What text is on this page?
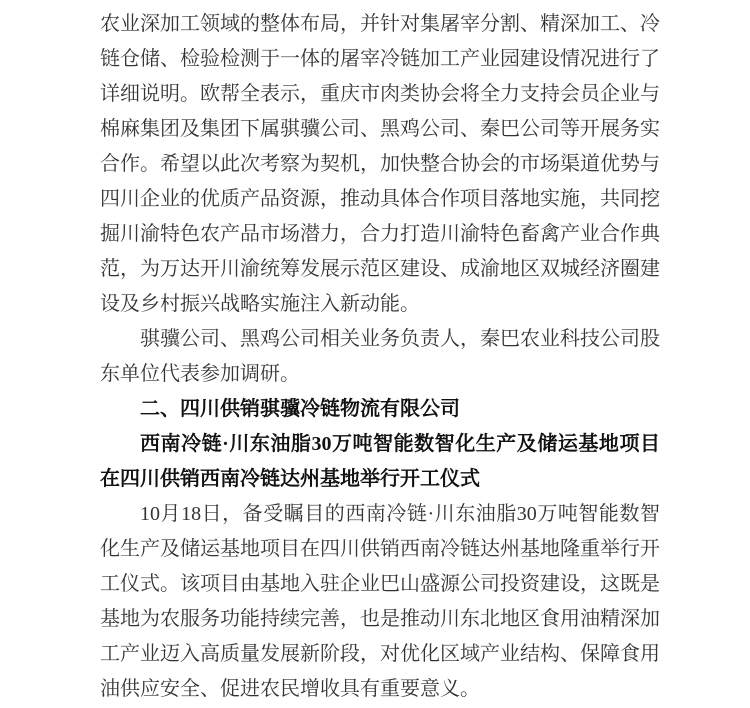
农业深加工领域的整体布局，并针对集屠宰分割、精深加工、冷链仓储、检验检测于一体的屠宰冷链加工产业园建设情况进行了详细说明。欧帮全表示，重庆市肉类协会将全力支持会员企业与棉麻集团及集团下属骐骥公司、黑鸡公司、秦巴公司等开展务实合作。希望以此次考察为契机，加快整合协会的市场渠道优势与四川企业的优质产品资源，推动具体合作项目落地实施，共同挖掘川渝特色农产品市场潜力，合力打造川渝特色畜禽产业合作典范，为万达开川渝统筹发展示范区建设、成渝地区双城经济圈建设及乡村振兴战略实施注入新动能。

骐骥公司、黑鸡公司相关业务负责人，秦巴农业科技公司股东单位代表参加调研。

二、四川供销骐骥冷链物流有限公司
西南冷链·川东油脂30万吨智能数智化生产及储运基地项目在四川供销西南冷链达州基地举行开工仪式

10月18日，备受瞩目的西南冷链·川东油脂30万吨智能数智化生产及储运基地项目在四川供销西南冷链达州基地隆重举行开工仪式。该项目由基地入驻企业巴山盛源公司投资建设，这既是基地为农服务功能持续完善，也是推动川东北地区食用油精深加工产业迈入高质量发展新阶段，对优化区域产业结构、保障食用油供应安全、促进农民增收具有重要意义。
